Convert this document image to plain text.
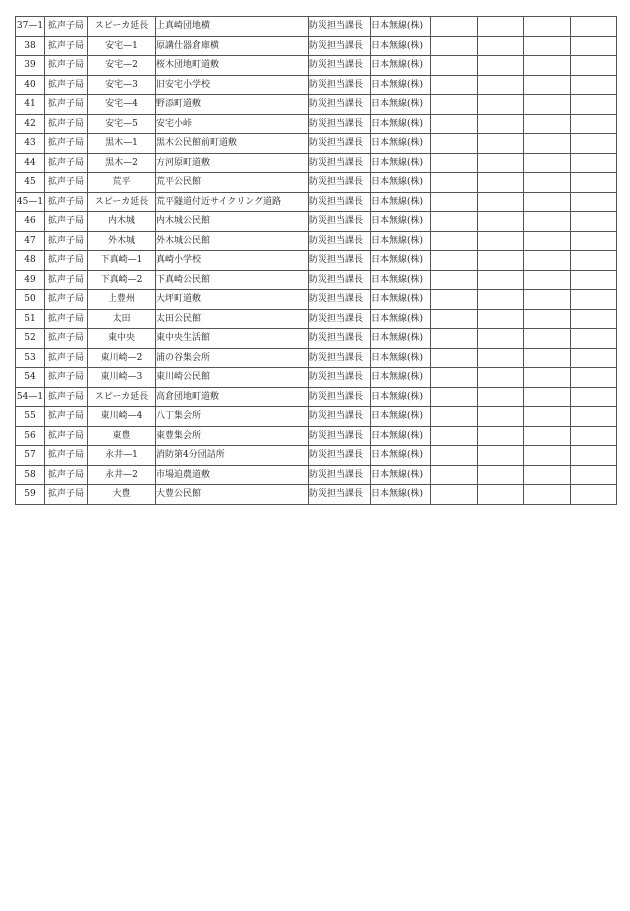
37—1	拡声子局	スピーカ延長	上真崎団地横	防災担当課長	日本無線(株)				
38	拡声子局	安宅—1	原講仕器倉庫横	防災担当課長	日本無線(株)				
39	拡声子局	安宅—2	桜木団地町道敷	防災担当課長	日本無線(株)				
40	拡声子局	安宅—3	旧安宅小学校	防災担当課長	日本無線(株)				
41	拡声子局	安宅—4	野添町道敷	防災担当課長	日本無線(株)				
42	拡声子局	安宅—5	安宅小峠	防災担当課長	日本無線(株)				
43	拡声子局	黒木—1	黒木公民館前町道敷	防災担当課長	日本無線(株)				
44	拡声子局	黒木—2	方河原町道敷	防災担当課長	日本無線(株)				
45	拡声子局	荒平	荒平公民館	防災担当課長	日本無線(株)				
45—1	拡声子局	スピーカ延長	荒平隧道付近サイクリング道路	防災担当課長	日本無線(株)				
46	拡声子局	内木城	内木城公民館	防災担当課長	日本無線(株)				
47	拡声子局	外木城	外木城公民館	防災担当課長	日本無線(株)				
48	拡声子局	下真崎—1	真崎小学校	防災担当課長	日本無線(株)				
49	拡声子局	下真崎—2	下真崎公民館	防災担当課長	日本無線(株)				
50	拡声子局	上豊州	大坪町道敷	防災担当課長	日本無線(株)				
51	拡声子局	太田	太田公民館	防災担当課長	日本無線(株)				
52	拡声子局	東中央	東中央生活館	防災担当課長	日本無線(株)				
53	拡声子局	東川崎—2	浦の谷集会所	防災担当課長	日本無線(株)				
54	拡声子局	東川崎—3	東川崎公民館	防災担当課長	日本無線(株)				
54—1	拡声子局	スピーカ延長	高倉団地町道敷	防災担当課長	日本無線(株)				
55	拡声子局	東川崎—4	八丁集会所	防災担当課長	日本無線(株)				
56	拡声子局	東豊	東豊集会所	防災担当課長	日本無線(株)				
57	拡声子局	永井—1	消防第4分団詰所	防災担当課長	日本無線(株)				
58	拡声子局	永井—2	市場迫農道敷	防災担当課長	日本無線(株)				
59	拡声子局	大豊	大豊公民館	防災担当課長	日本無線(株)				
